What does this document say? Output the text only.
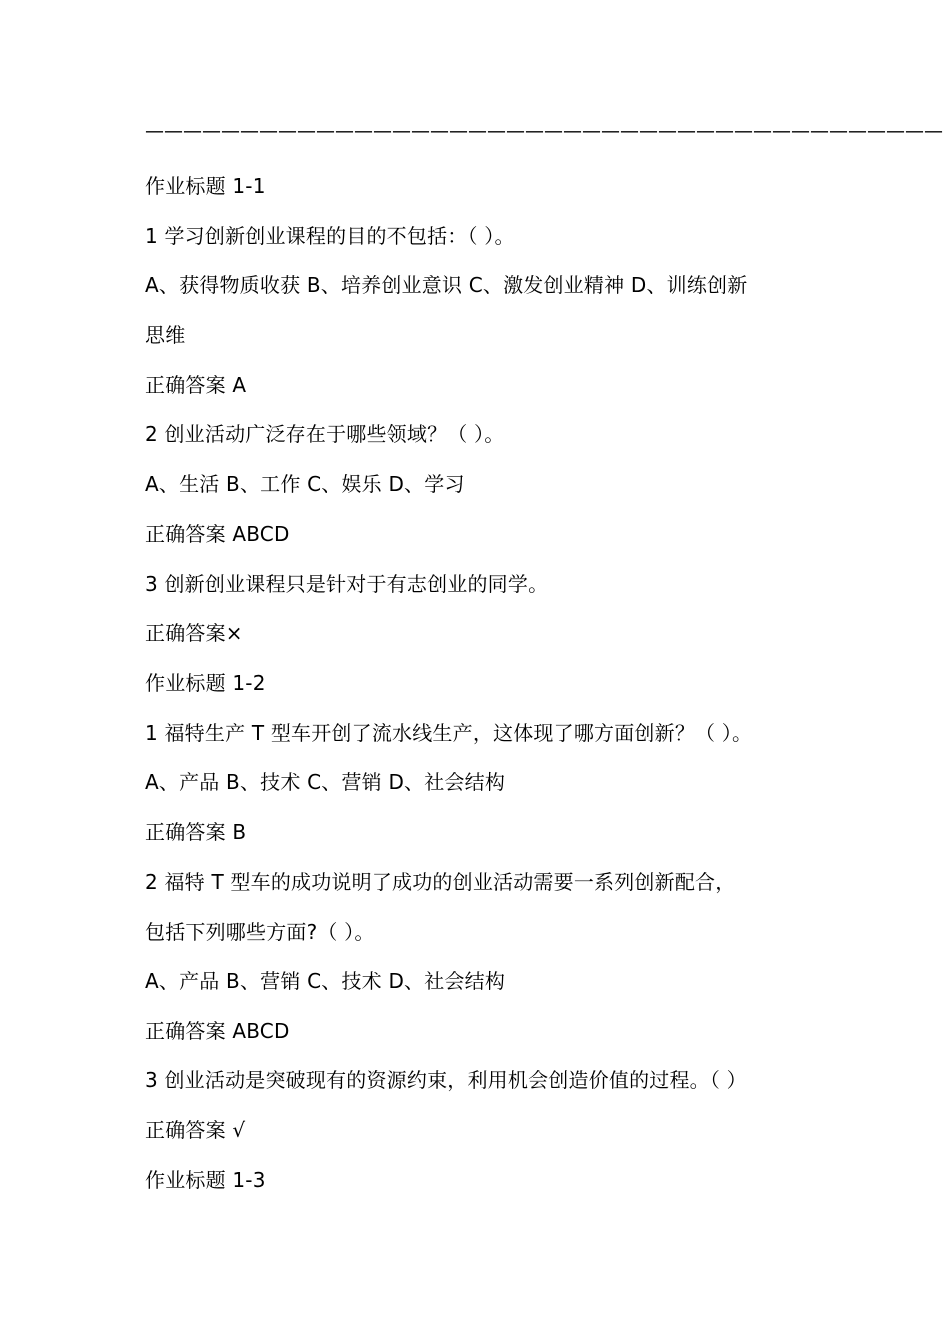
——————————————————————————————————————————
作业标题 1-1
1 学习创新创业课程的目的不包括：（ ）。
A、获得物质收获 B、培养创业意识 C、激发创业精神 D、训练创新
思维
正确答案 A
2 创业活动广泛存在于哪些领域？（ ）。
A、生活 B、工作 C、娱乐 D、学习
正确答案 ABCD
3 创新创业课程只是针对于有志创业的同学。
正确答案×
作业标题 1-2
1 福特生产 T 型车开创了流水线生产，这体现了哪方面创新？（ ）。
A、产品 B、技术 C、营销 D、社会结构
正确答案 B
2 福特 T 型车的成功说明了成功的创业活动需要一系列创新配合，
包括下列哪些方面?（ ）。
A、产品 B、营销 C、技术 D、社会结构
正确答案 ABCD
3 创业活动是突破现有的资源约束，利用机会创造价值的过程。（ ）
正确答案 √
作业标题 1-3
